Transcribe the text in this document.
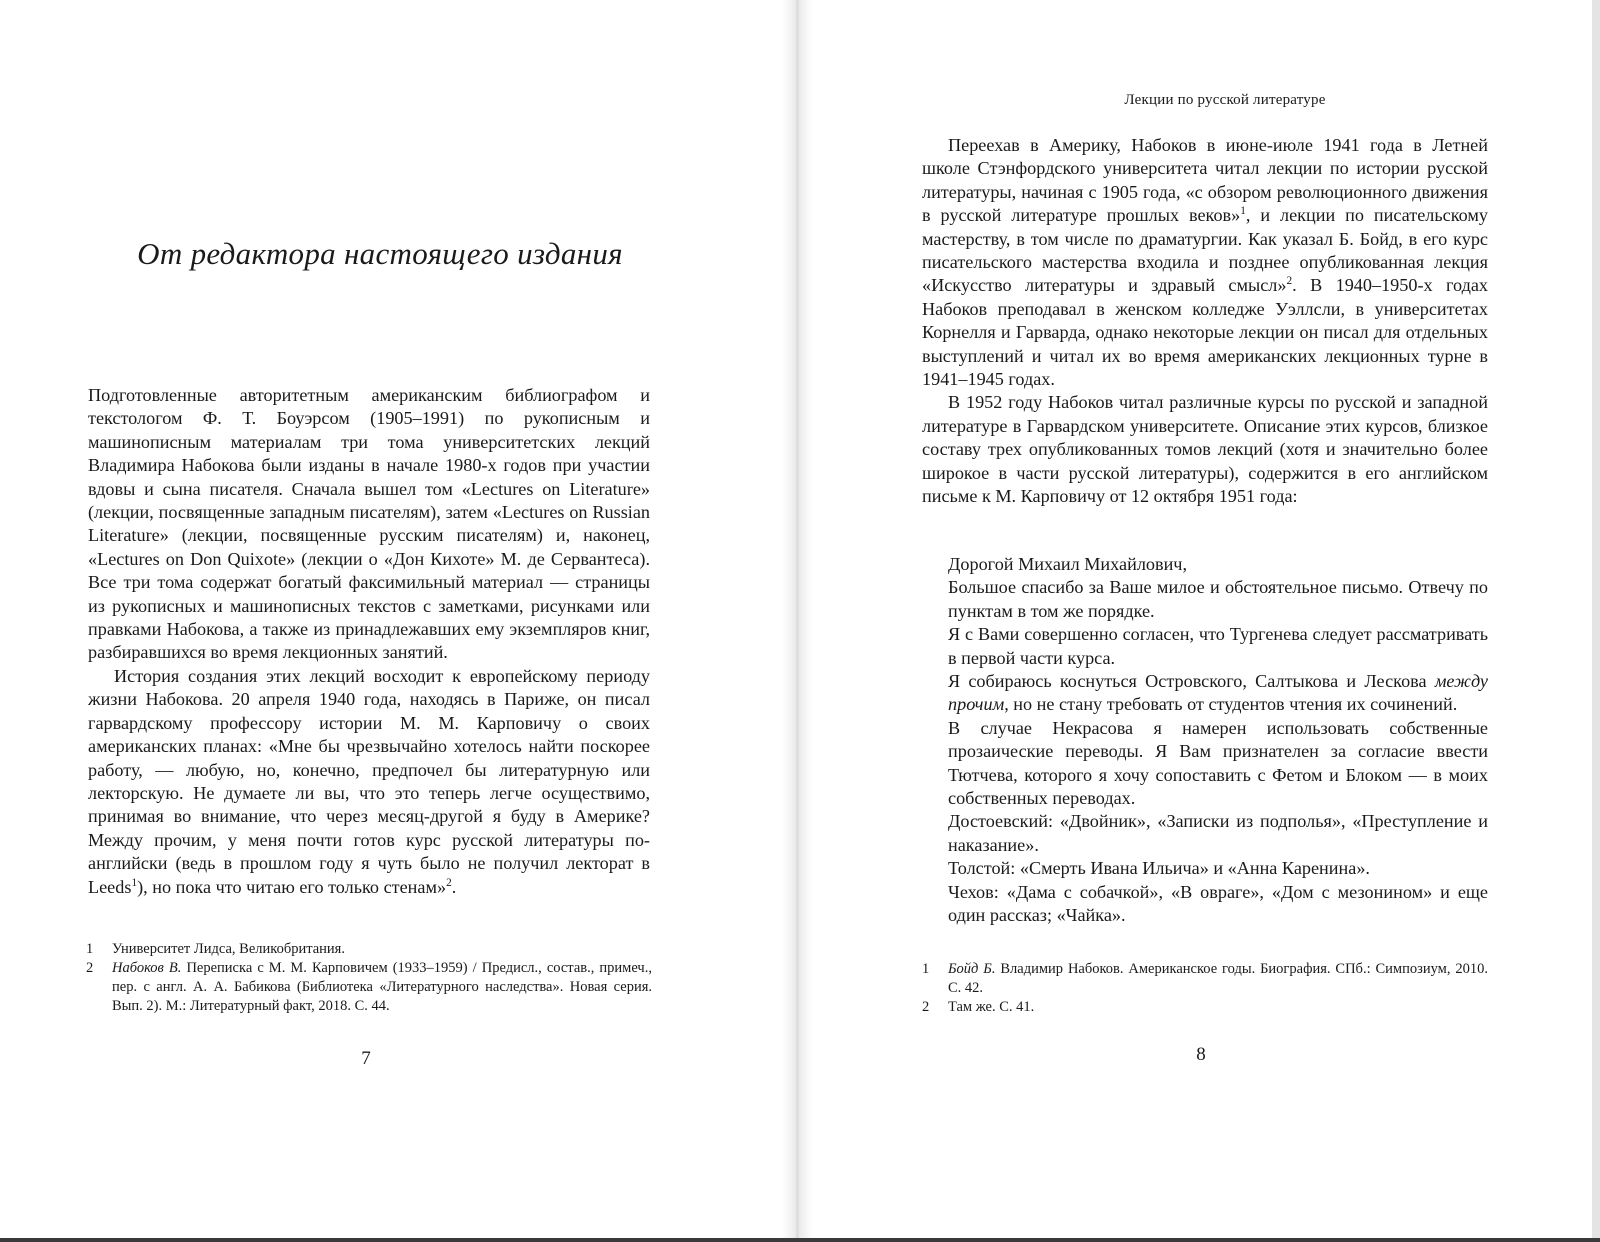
От редактора настоящего издания

Подготовленные авторитетным американским библиографом и текстологом Ф. Т. Боуэрсом (1905–1991) по рукописным и машинописным материалам три тома университетских лекций Владимира Набокова были изданы в начале 1980-х годов при участии вдовы и сына писателя. Сначала вышел том «Lectures on Literature» (лекции, посвященные западным писателям), затем «Lectures on Russian Literature» (лекции, посвященные русским писателям) и, наконец, «Lectures on Don Quixote» (лекции о «Дон Кихоте» М. де Сервантеса). Все три тома содержат богатый факсимильный материал — страницы из рукописных и машинописных текстов с заметками, рисунками или правками Набокова, а также из принадлежавших ему экземпляров книг, разбиравшихся во время лекционных занятий.

История создания этих лекций восходит к европейскому периоду жизни Набокова. 20 апреля 1940 года, находясь в Париже, он писал гарвардскому профессору истории М. М. Карповичу о своих американских планах: «Мне бы чрезвычайно хотелось найти поскорее работу, — любую, но, конечно, предпочел бы литературную или лекторскую. Не думаете ли вы, что это теперь легче осуществимо, принимая во внимание, что через месяц-другой я буду в Америке? Между прочим, у меня почти готов курс русской литературы по-английски (ведь в прошлом году я чуть было не получил лекторат в Leeds$^1$), но пока что читаю его только стенам»$^2$.

1 Университет Лидса, Великобритания.
2 Набоков В. Переписка с М. М. Карповичем (1933–1959) / Предисл., состав., примеч., пер. с англ. А. А. Бабикова (Библиотека «Литературного наследства». Новая серия. Вып. 2). М.: Литературный факт, 2018. С. 44.
7
Лекции по русской литературе

Переехав в Америку, Набоков в июне-июле 1941 года в Летней школе Стэнфордского университета читал лекции по истории русской литературы, начиная с 1905 года, «с обзором революционного движения в русской литературе прошлых веков»$^1$, и лекции по писательскому мастерству, в том числе по драматургии. Как указал Б. Бойд, в его курс писательского мастерства входила и позднее опубликованная лекция «Искусство литературы и здравый смысл»$^2$. В 1940–1950-х годах Набоков преподавал в женском колледже Уэллсли, в университетах Корнелля и Гарварда, однако некоторые лекции он писал для отдельных выступлений и читал их во время американских лекционных турне в 1941–1945 годах.

В 1952 году Набоков читал различные курсы по русской и западной литературе в Гарвардском университете. Описание этих курсов, близкое составу трех опубликованных томов лекций (хотя и значительно более широкое в части русской литературы), содержится в его английском письме к М. Карповичу от 12 октября 1951 года:

Дорогой Михаил Михайлович,

Большое спасибо за Ваше милое и обстоятельное письмо. Отвечу по пунктам в том же порядке.

Я с Вами совершенно согласен, что Тургенева следует рассматривать в первой части курса.

Я собираюсь коснуться Островского, Салтыкова и Лескова между прочим, но не стану требовать от студентов чтения их сочинений.

В случае Некрасова я намерен использовать собственные прозаические переводы. Я Вам признателен за согласие ввести Тютчева, которого я хочу сопоставить с Фетом и Блоком — в моих собственных переводах.

Достоевский: «Двойник», «Записки из подполья», «Преступление и наказание».

Толстой: «Смерть Ивана Ильича» и «Анна Каренина».

Чехов: «Дама с собачкой», «В овраге», «Дом с мезонином» и еще один рассказ; «Чайка».

1 Бойд Б. Владимир Набоков. Американское годы. Биография. СПб.: Симпозиум, 2010. С. 42.
2 Там же. С. 41.
8
